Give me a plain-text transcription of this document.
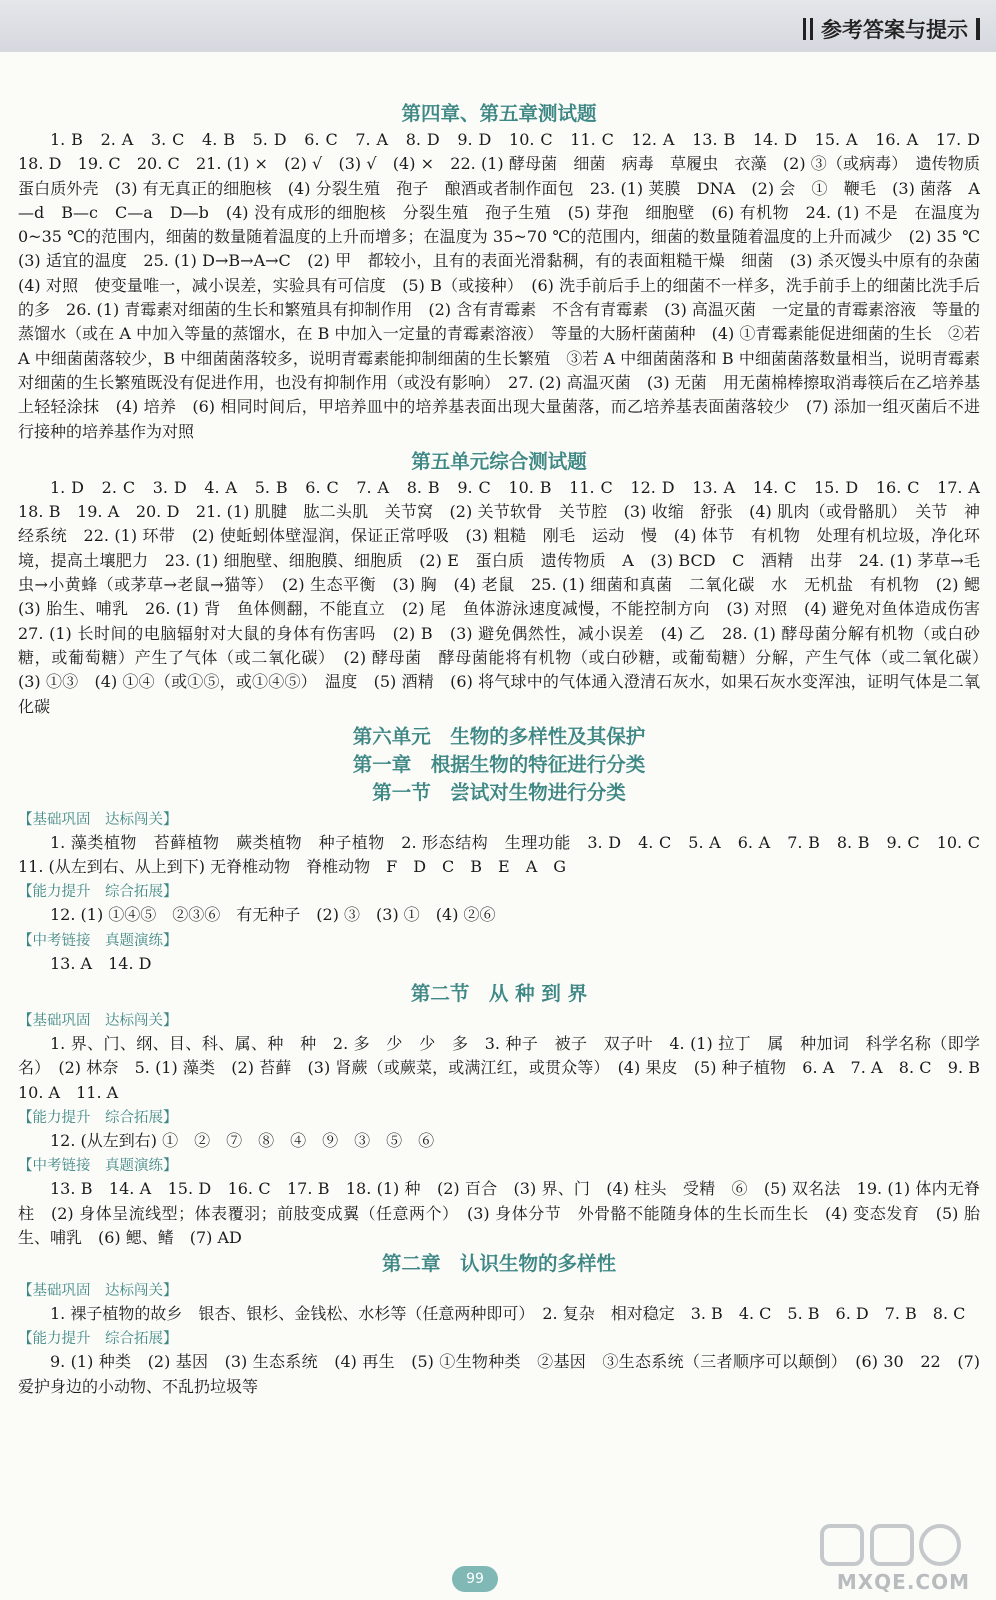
参考答案与提示
第四章、第五章测试题

1. B　2. A　3. C　4. B　5. D　6. C　7. A　8. D　9. D　10. C　11. C　12. A　13. B　14. D　15. A　16. A　17. D　18. D　19. C　20. C　21. (1) ×　(2) √　(3) √　(4) ×　22. (1) 酵母菌　细菌　病毒　草履虫　衣藻　(2) ③（或病毒）　遗传物质　蛋白质外壳　(3) 有无真正的细胞核　(4) 分裂生殖　孢子　酿酒或者制作面包　23. (1) 荚膜　DNA　(2) 会　①　鞭毛　(3) 菌落　A—d　B—c　C—a　D—b　(4) 没有成形的细胞核　分裂生殖　孢子生殖　(5) 芽孢　细胞壁　(6) 有机物　24. (1) 不是　在温度为 0~35 ℃的范围内，细菌的数量随着温度的上升而增多；在温度为 35~70 ℃的范围内，细菌的数量随着温度的上升而减少　(2) 35 ℃　(3) 适宜的温度　25. (1) D→B→A→C　(2) 甲　都较小，且有的表面光滑黏稠，有的表面粗糙干燥　细菌　(3) 杀灭馒头中原有的杂菌　(4) 对照　使变量唯一，减小误差，实验具有可信度　(5) B（或接种）　(6) 洗手前后手上的细菌不一样多，洗手前手上的细菌比洗手后的多　26. (1) 青霉素对细菌的生长和繁殖具有抑制作用　(2) 含有青霉素　不含有青霉素　(3) 高温灭菌　一定量的青霉素溶液　等量的蒸馏水（或在 A 中加入等量的蒸馏水，在 B 中加入一定量的青霉素溶液）　等量的大肠杆菌菌种　(4) ①青霉素能促进细菌的生长　②若 A 中细菌菌落较少，B 中细菌菌落较多，说明青霉素能抑制细菌的生长繁殖　③若 A 中细菌菌落和 B 中细菌菌落数量相当，说明青霉素对细菌的生长繁殖既没有促进作用，也没有抑制作用（或没有影响）　27. (2) 高温灭菌　(3) 无菌　用无菌棉棒擦取消毒筷后在乙培养基上轻轻涂抹　(4) 培养　(6) 相同时间后，甲培养皿中的培养基表面出现大量菌落，而乙培养基表面菌落较少　(7) 添加一组灭菌后不进行接种的培养基作为对照

第五单元综合测试题

1. D　2. C　3. D　4. A　5. B　6. C　7. A　8. B　9. C　10. B　11. C　12. D　13. A　14. C　15. D　16. C　17. A　18. B　19. A　20. D　21. (1) 肌腱　肱二头肌　关节窝　(2) 关节软骨　关节腔　(3) 收缩　舒张　(4) 肌肉（或骨骼肌）　关节　神经系统　22. (1) 环带　(2) 使蚯蚓体壁湿润，保证正常呼吸　(3) 粗糙　刚毛　运动　慢　(4) 体节　有机物　处理有机垃圾，净化环境，提高土壤肥力　23. (1) 细胞壁、细胞膜、细胞质　(2) E　蛋白质　遗传物质　A　(3) BCD　C　酒精　出芽　24. (1) 茅草→毛虫→小黄蜂（或茅草→老鼠→猫等）　(2) 生态平衡　(3) 胸　(4) 老鼠　25. (1) 细菌和真菌　二氧化碳　水　无机盐　有机物　(2) 鳃　(3) 胎生、哺乳　26. (1) 背　鱼体侧翻，不能直立　(2) 尾　鱼体游泳速度减慢，不能控制方向　(3) 对照　(4) 避免对鱼体造成伤害　27. (1) 长时间的电脑辐射对大鼠的身体有伤害吗　(2) B　(3) 避免偶然性，减小误差　(4) 乙　28. (1) 酵母菌分解有机物（或白砂糖，或葡萄糖）产生了气体（或二氧化碳）　(2) 酵母菌　酵母菌能将有机物（或白砂糖，或葡萄糖）分解，产生气体（或二氧化碳）　(3) ①③　(4) ①④（或①⑤，或①④⑤）　温度　(5) 酒精　(6) 将气球中的气体通入澄清石灰水，如果石灰水变浑浊，证明气体是二氧化碳

第六单元　生物的多样性及其保护
第一章　根据生物的特征进行分类
第一节　尝试对生物进行分类
【基础巩固　达标闯关】

1. 藻类植物　苔藓植物　蕨类植物　种子植物　2. 形态结构　生理功能　3. D　4. C　5. A　6. A　7. B　8. B　9. C　10. C　11. (从左到右、从上到下) 无脊椎动物　脊椎动物　F　D　C　B　E　A　G

【能力提升　综合拓展】

12. (1) ①④⑤　②③⑥　有无种子　(2) ③　(3) ①　(4) ②⑥

【中考链接　真题演练】

13. A　14. D

第二节　从 种 到 界
【基础巩固　达标闯关】

1. 界、门、纲、目、科、属、种　种　2. 多　少　少　多　3. 种子　被子　双子叶　4. (1) 拉丁　属　种加词　科学名称（即学名）　(2) 林奈　5. (1) 藻类　(2) 苔藓　(3) 肾蕨（或蕨菜，或满江红，或贯众等）　(4) 果皮　(5) 种子植物　6. A　7. A　8. C　9. B　10. A　11. A

【能力提升　综合拓展】

12. (从左到右) ①　②　⑦　⑧　④　⑨　③　⑤　⑥

【中考链接　真题演练】

13. B　14. A　15. D　16. C　17. B　18. (1) 种　(2) 百合　(3) 界、门　(4) 柱头　受精　⑥　(5) 双名法　19. (1) 体内无脊柱　(2) 身体呈流线型；体表覆羽；前肢变成翼（任意两个）　(3) 身体分节　外骨骼不能随身体的生长而生长　(4) 变态发育　(5) 胎生、哺乳　(6) 鳃、鳍　(7) AD

第二章　认识生物的多样性
【基础巩固　达标闯关】

1. 裸子植物的故乡　银杏、银杉、金钱松、水杉等（任意两种即可）　2. 复杂　相对稳定　3. B　4. C　5. B　6. D　7. B　8. C

【能力提升　综合拓展】

9. (1) 种类　(2) 基因　(3) 生态系统　(4) 再生　(5) ①生物种类　②基因　③生态系统（三者顺序可以颠倒）　(6) 30　22　(7) 爱护身边的小动物、不乱扔垃圾等

99	MXQE.COM
